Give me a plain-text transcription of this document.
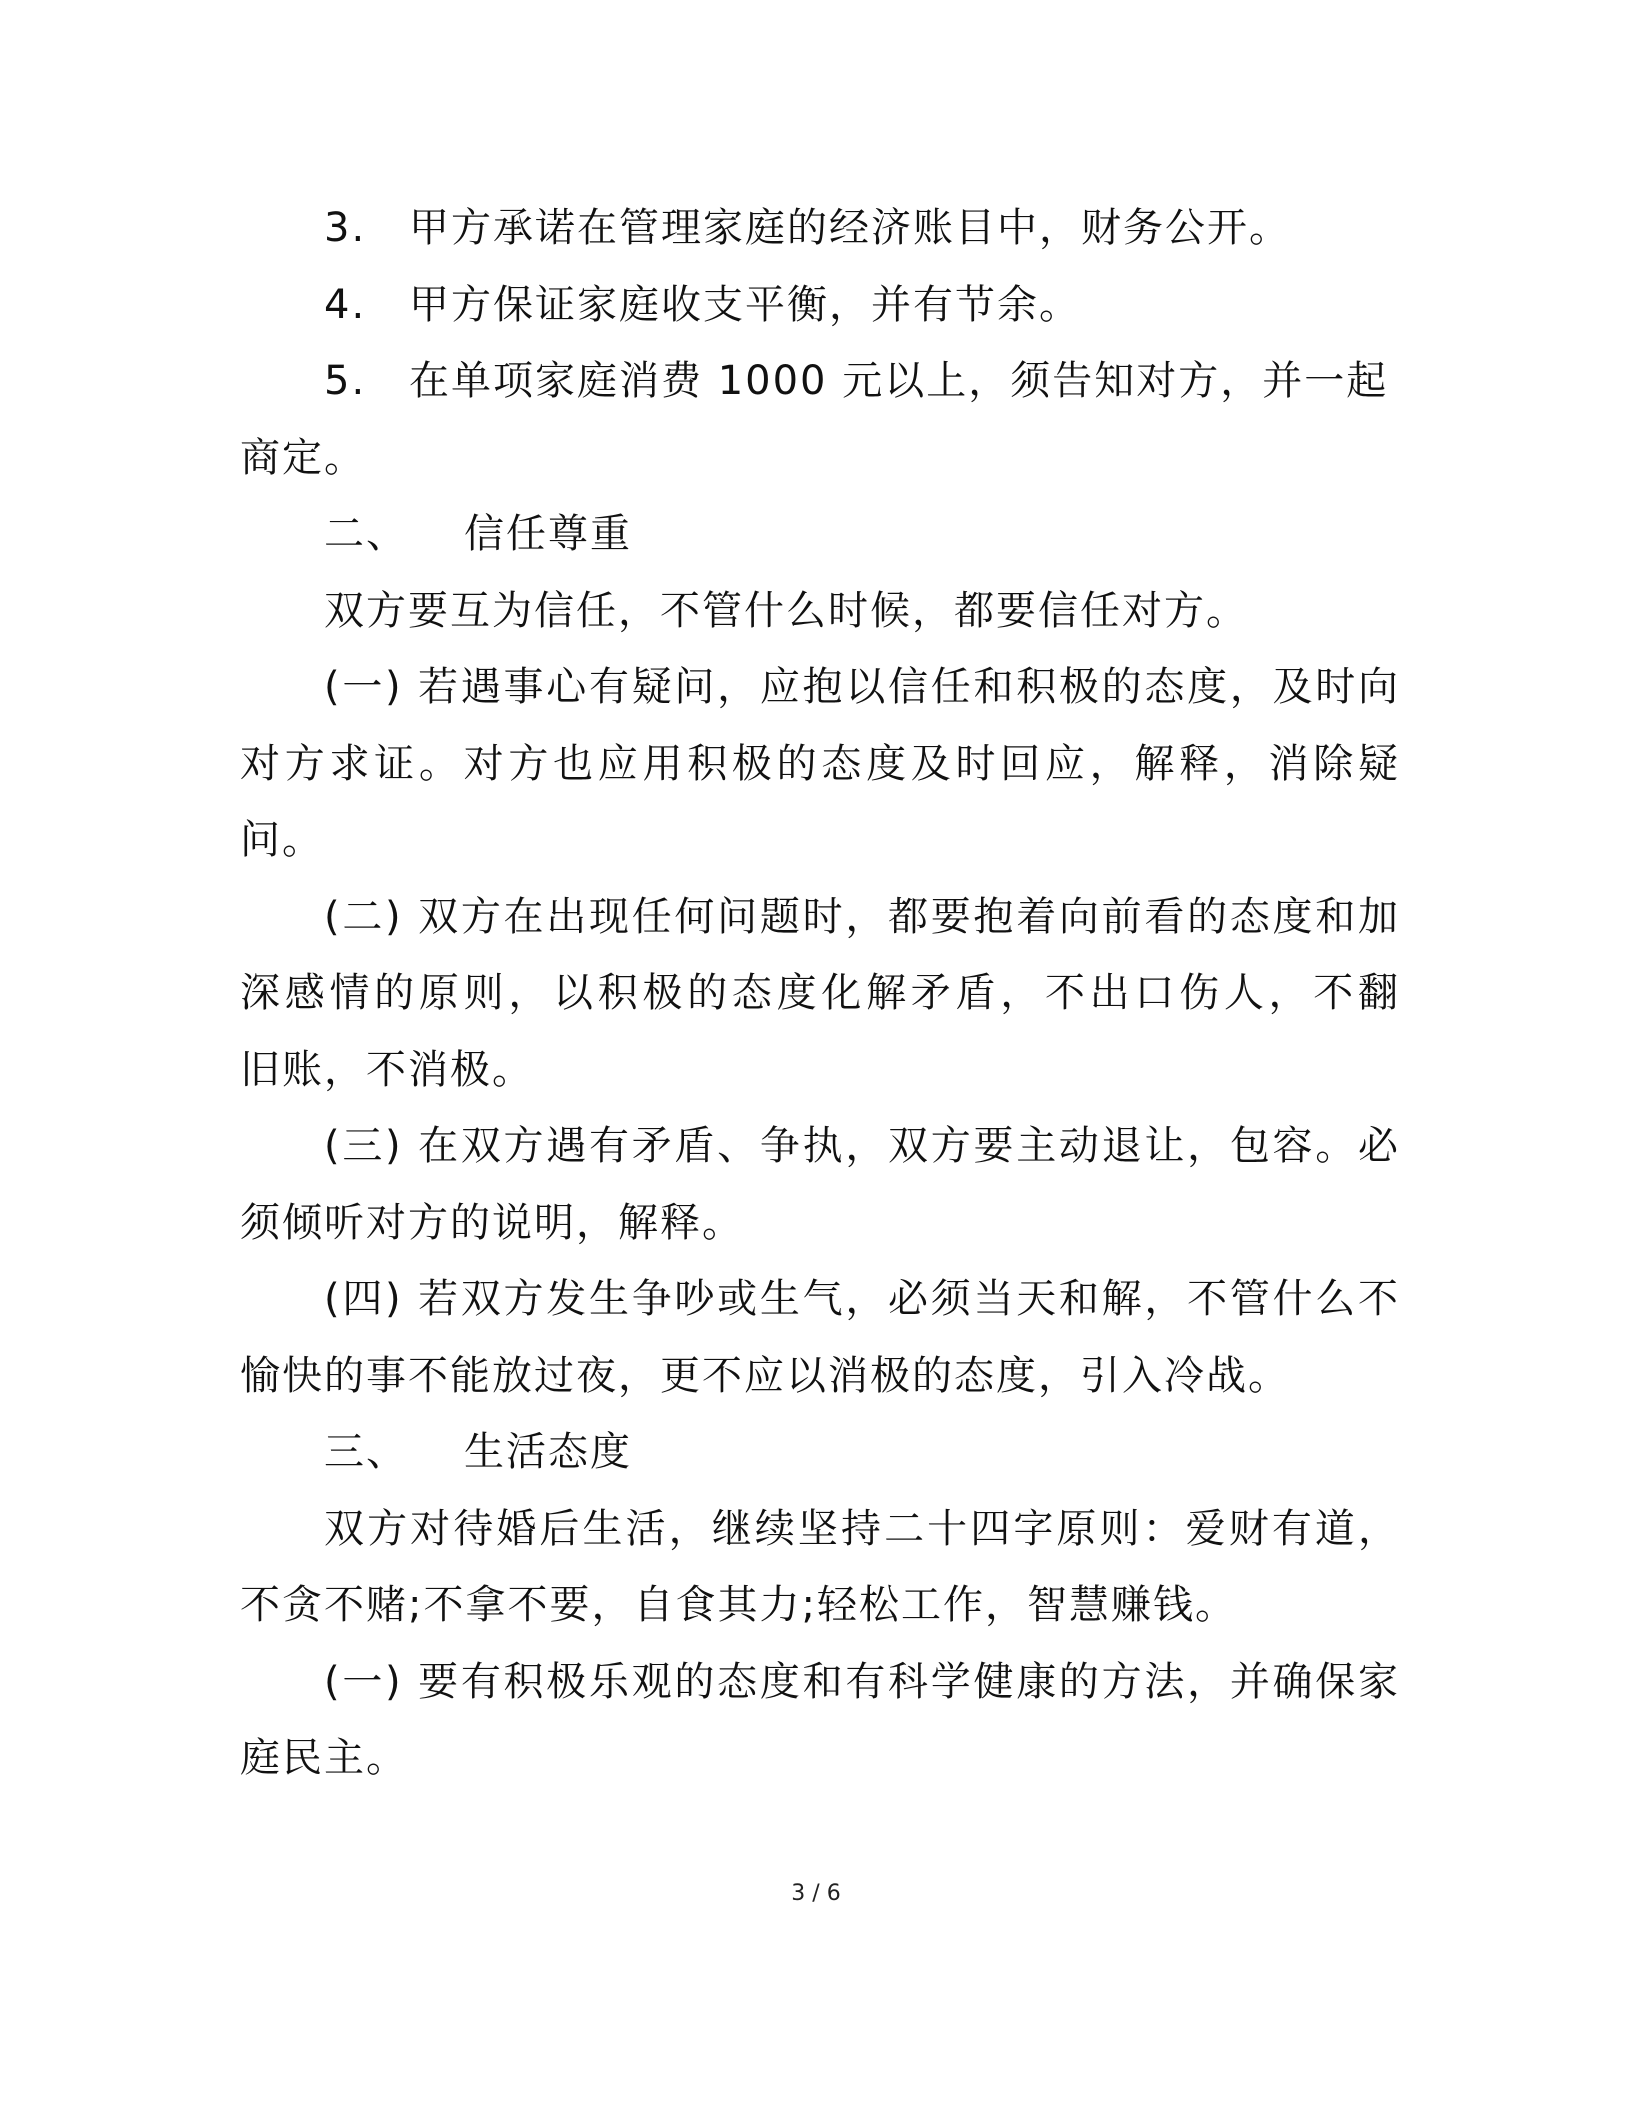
3. 甲方承诺在管理家庭的经济账目中，财务公开。
4. 甲方保证家庭收支平衡，并有节余。
5. 在单项家庭消费 1000 元以上，须告知对方，并一起
商定。
二、 信任尊重
双方要互为信任，不管什么时候，都要信任对方。
(一) 若遇事心有疑问，应抱以信任和积极的态度，及时向
对方求证。对方也应用积极的态度及时回应，解释，消除疑
问。
(二) 双方在出现任何问题时，都要抱着向前看的态度和加
深感情的原则，以积极的态度化解矛盾，不出口伤人，不翻
旧账，不消极。
(三) 在双方遇有矛盾、争执，双方要主动退让，包容。必
须倾听对方的说明，解释。
(四) 若双方发生争吵或生气，必须当天和解，不管什么不
愉快的事不能放过夜，更不应以消极的态度，引入冷战。
三、 生活态度
双方对待婚后生活，继续坚持二十四字原则：爱财有道，
不贪不赌;不拿不要，自食其力;轻松工作，智慧赚钱。
(一) 要有积极乐观的态度和有科学健康的方法，并确保家
庭民主。
3 / 6
